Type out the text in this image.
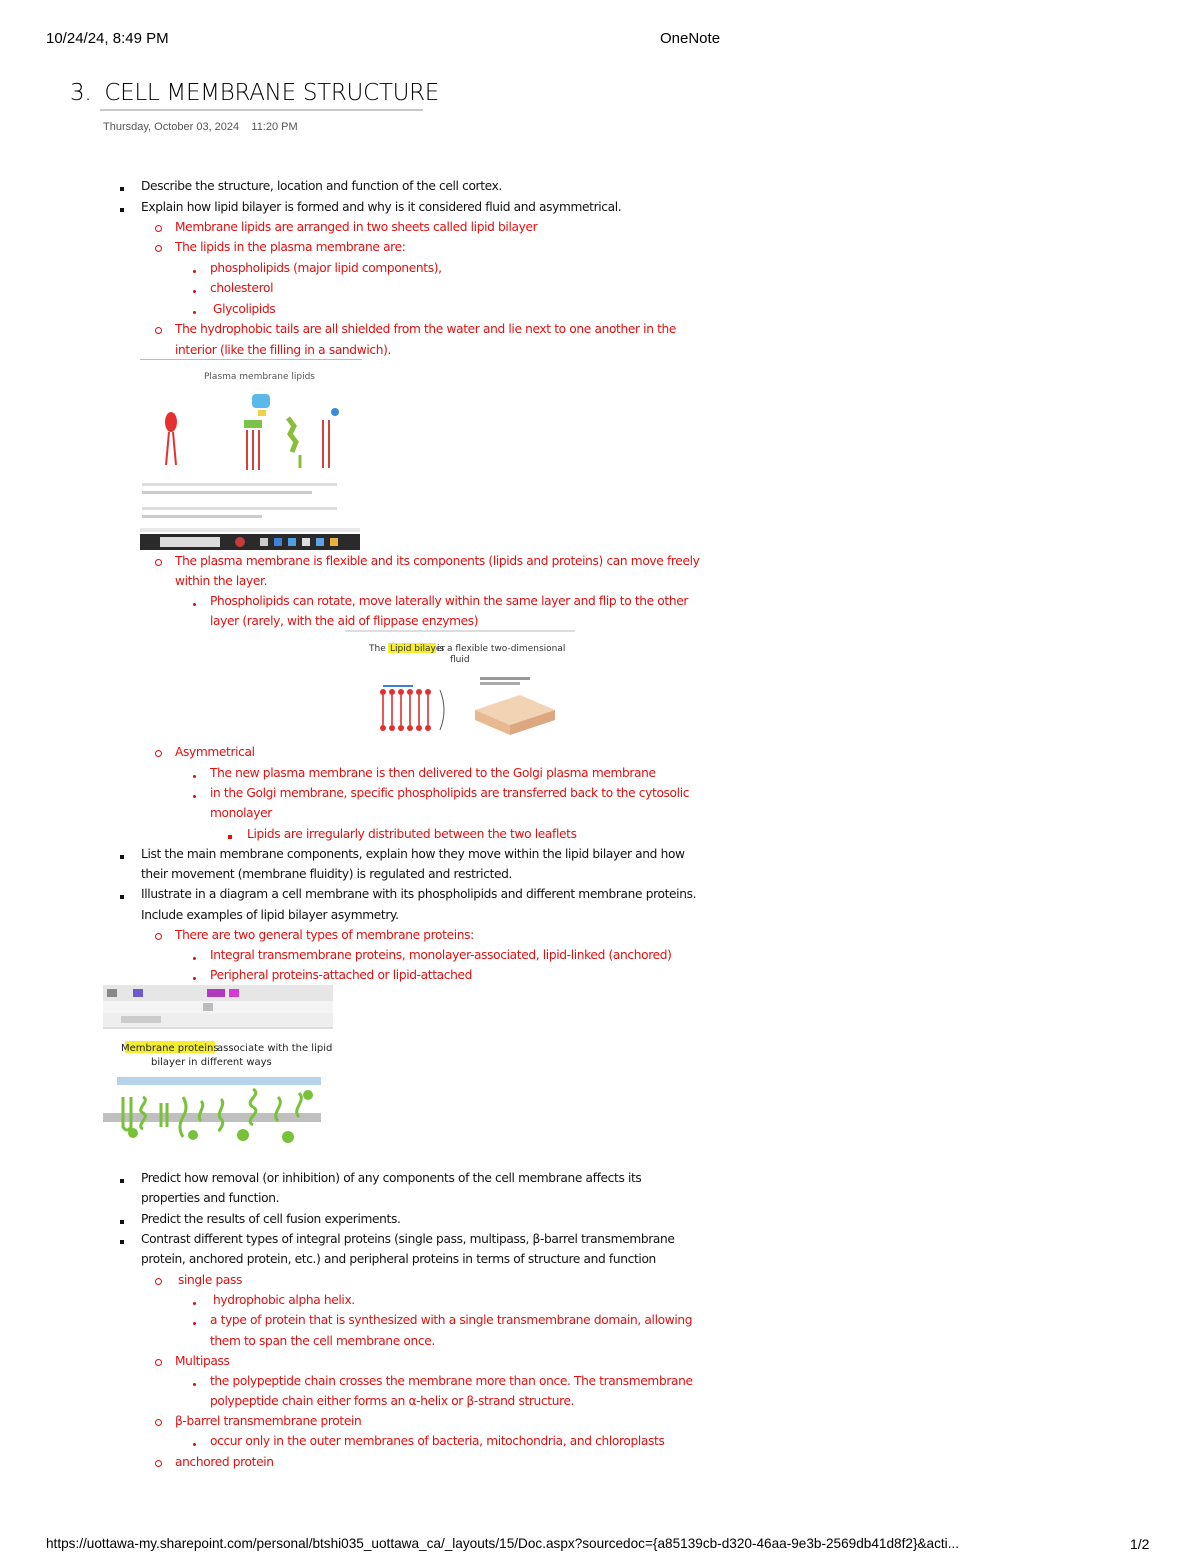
10/24/24, 8:49 PM	OneNote
3. CELL MEMBRANE STRUCTURE
Thursday, October 03, 2024 11:20 PM
Describe the structure, location and function of the cell cortex.
Explain how lipid bilayer is formed and why is it considered fluid and asymmetrical.
Membrane lipids are arranged in two sheets called lipid bilayer
The lipids in the plasma membrane are:
phospholipids (major lipid components),
cholesterol
Glycolipids
The hydrophobic tails are all shielded from the water and lie next to one another in the
interior (like the filling in a sandwich).
The plasma membrane is flexible and its components (lipids and proteins) can move freely
within the layer.
Phospholipids can rotate, move laterally within the same layer and flip to the other
layer (rarely, with the aid of flippase enzymes)
Asymmetrical
The new plasma membrane is then delivered to the Golgi plasma membrane
in the Golgi membrane, specific phospholipids are transferred back to the cytosolic
monolayer
Lipids are irregularly distributed between the two leaflets
List the main membrane components, explain how they move within the lipid bilayer and how
their movement (membrane fluidity) is regulated and restricted.
Illustrate in a diagram a cell membrane with its phospholipids and different membrane proteins.
Include examples of lipid bilayer asymmetry.
There are two general types of membrane proteins:
Integral transmembrane proteins, monolayer-associated, lipid-linked (anchored)
Peripheral proteins-attached or lipid-attached
Predict how removal (or inhibition) of any components of the cell membrane affects its
properties and function.
Predict the results of cell fusion experiments.
Contrast different types of integral proteins (single pass, multipass, β-barrel transmembrane
protein, anchored protein, etc.) and peripheral proteins in terms of structure and function
single pass
hydrophobic alpha helix.
a type of protein that is synthesized with a single transmembrane domain, allowing
them to span the cell membrane once.
Multipass
the polypeptide chain crosses the membrane more than once. The transmembrane
polypeptide chain either forms an α-helix or β-strand structure.
β-barrel transmembrane protein
occur only in the outer membranes of bacteria, mitochondria, and chloroplasts
anchored protein
Plasma membrane lipids
The Lipid bilayer
is a flexible two-dimensional
fluid
Membrane proteins
associate with the lipid
bilayer in different ways
https://uottawa-my.sharepoint.com/personal/btshi035_uottawa_ca/_layouts/15/Doc.aspx?sourcedoc={a85139cb-d320-46aa-9e3b-2569db41d8f2}&acti...	1/2
